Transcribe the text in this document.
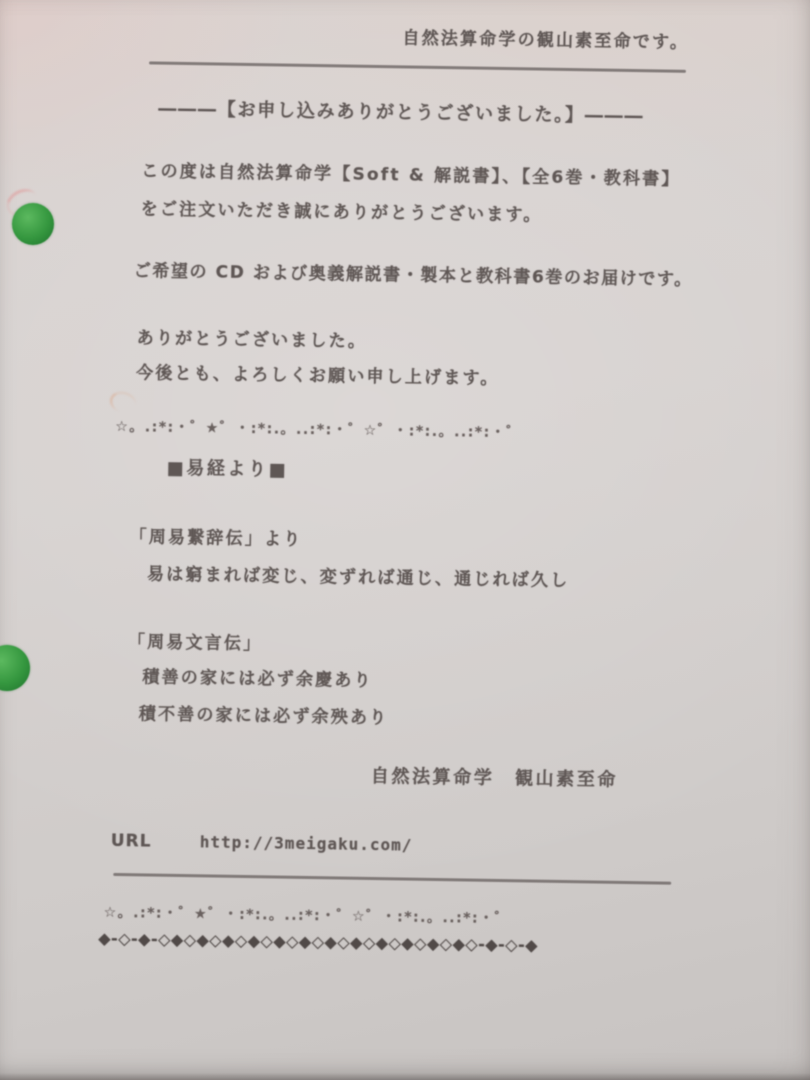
自然法算命学の観山素至命です。
―――【お申し込みありがとうございました。】―――
この度は自然法算命学【Soft & 解説書】、【全6巻・教科書】
をご注文いただき誠にありがとうございます。
ご希望の CD および奥義解説書・製本と教科書6巻のお届けです。
ありがとうございました。
今後とも、よろしくお願い申し上げます。
☆。.:*:・゜★゜・:*:.。..:*:・゜☆゜・:*:.。..:*:・゜
■易経より■
「周易繋辞伝」より
易は窮まれば変じ、変ずれば通じ、通じれば久し
「周易文言伝」
積善の家には必ず余慶あり
積不善の家には必ず余殃あり
自然法算命学　観山素至命
URL	http://3meigaku.com/
☆。.:*:・゜★゜・:*:.。..:*:・゜☆゜・:*:.。..:*:・゜
◆-◇-◆-◇◆◇◆◇◆◇◆◇◆◇◆◇◆◇◆◇◆◇◆◇◆◇◆◇-◆-◇-◆
